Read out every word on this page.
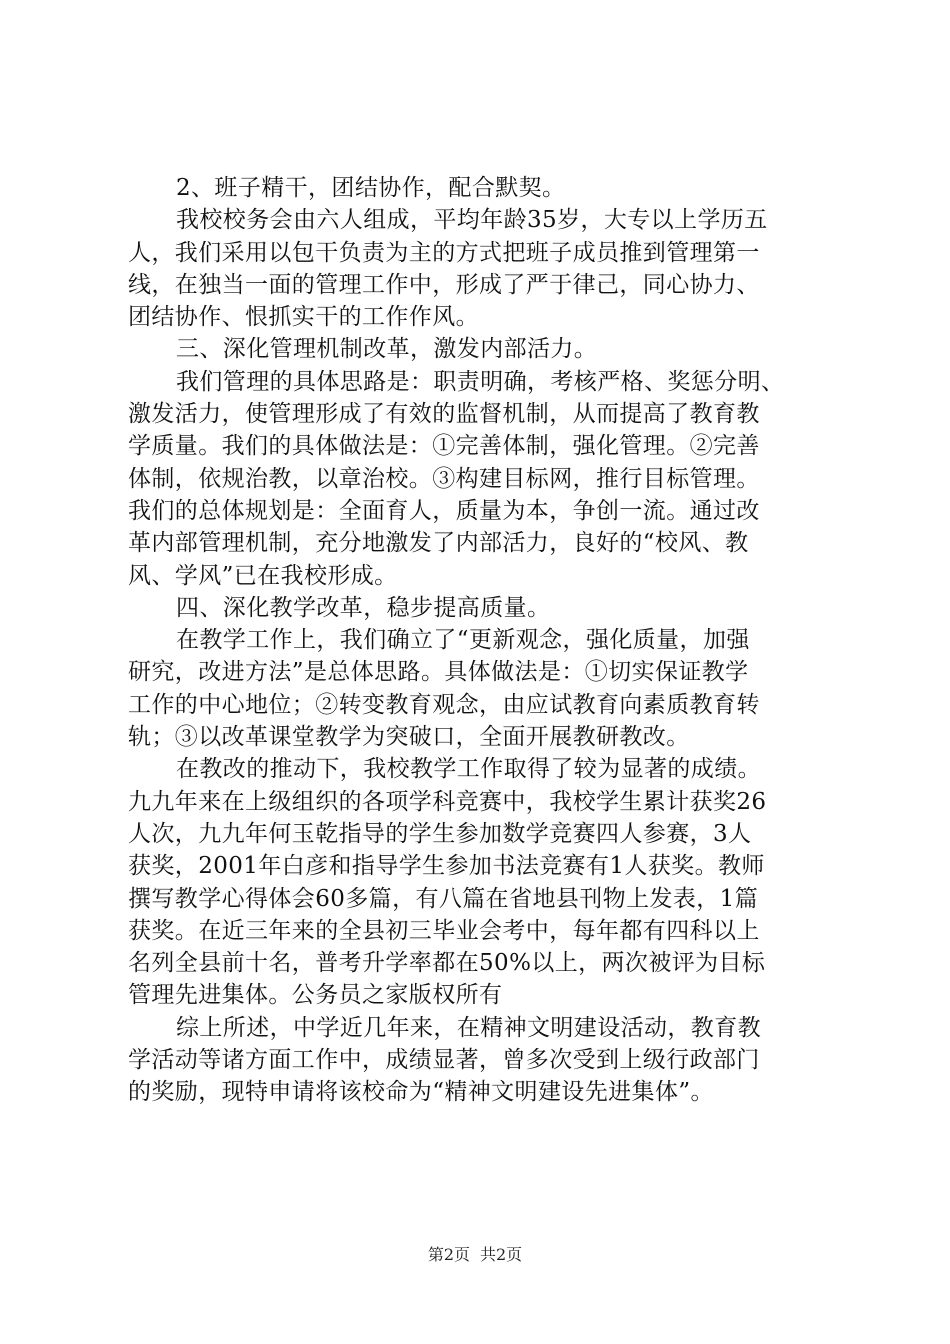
2、班子精干，团结协作，配合默契。
我校校务会由六人组成，平均年龄35岁，大专以上学历五
人，我们采用以包干负责为主的方式把班子成员推到管理第一
线，在独当一面的管理工作中，形成了严于律己，同心协力、
团结协作、恨抓实干的工作作风。
三、深化管理机制改革，激发内部活力。
我们管理的具体思路是：职责明确，考核严格、奖惩分明、
激发活力，使管理形成了有效的监督机制，从而提高了教育教
学质量。我们的具体做法是：①完善体制，强化管理。②完善
体制，依规治教，以章治校。③构建目标网，推行目标管理。
我们的总体规划是：全面育人，质量为本，争创一流。通过改
革内部管理机制，充分地激发了内部活力，良好的“校风、教
风、学风”已在我校形成。
四、深化教学改革，稳步提高质量。
在教学工作上，我们确立了“更新观念，强化质量，加强
研究，改进方法”是总体思路。具体做法是：①切实保证教学
工作的中心地位；②转变教育观念，由应试教育向素质教育转
轨；③以改革课堂教学为突破口，全面开展教研教改。
在教改的推动下，我校教学工作取得了较为显著的成绩。
九九年来在上级组织的各项学科竞赛中，我校学生累计获奖26
人次，九九年何玉乾指导的学生参加数学竞赛四人参赛，3人
获奖，2001年白彦和指导学生参加书法竞赛有1人获奖。教师
撰写教学心得体会60多篇，有八篇在省地县刊物上发表，1篇
获奖。在近三年来的全县初三毕业会考中，每年都有四科以上
名列全县前十名，普考升学率都在50%以上，两次被评为目标
管理先进集体。公务员之家版权所有
综上所述，中学近几年来，在精神文明建设活动，教育教
学活动等诸方面工作中，成绩显著，曾多次受到上级行政部门
的奖励，现特申请将该校命为“精神文明建设先进集体”。
第2页 共2页
